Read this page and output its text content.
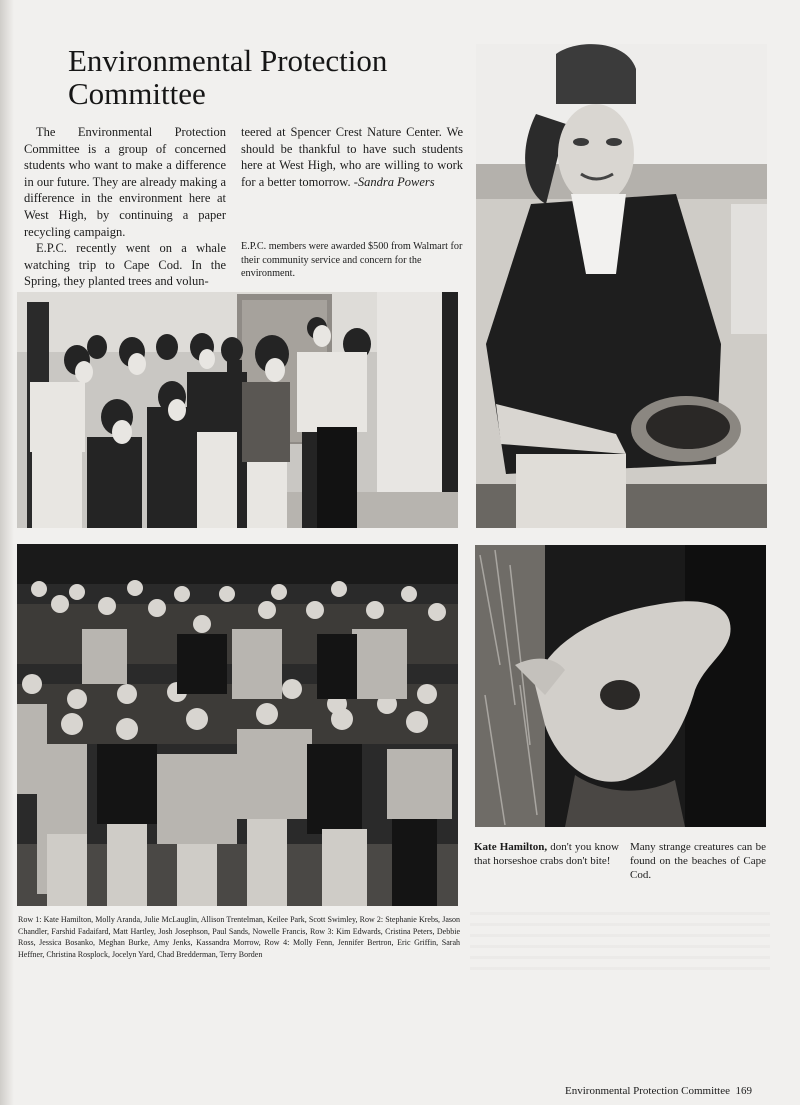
Environmental Protection
Committee

The Environmental Protection Committee is a group of concerned students who want to make a difference in our future. They are already making a difference in the environment here at West High, by continuing a paper recycling campaign.

E.P.C. recently went on a whale watching trip to Cape Cod. In the Spring, they planted trees and volun-

teered at Spencer Crest Nature Center. We should be thankful to have such students here at West High, who are willing to work for a better tomorrow. -Sandra Powers

E.P.C. members were awarded $500 from Walmart for their community service and concern for the environment.

Row 1: Kate Hamilton, Molly Aranda, Julie McLauglin, Allison Trentelman, Keilee Park, Scott Swimley, Row 2: Stephanie Krebs, Jason Chandler, Farshid Fadaifard, Matt Hartley, Josh Josephson, Paul Sands, Nowelle Francis, Row 3: Kim Edwards, Cristina Peters, Debbie Ross, Jessica Bosanko, Meghan Burke, Amy Jenks, Kassandra Morrow, Row 4: Molly Fenn, Jennifer Bertron, Eric Griffin, Sarah Heffner, Christina Rosplock, Jocelyn Yard, Chad Bredderman, Terry Borden

Kate Hamilton, don't you know that horseshoe crabs don't bite!

Many strange creatures can be found on the beaches of Cape Cod.

Environmental Protection Committee 169
